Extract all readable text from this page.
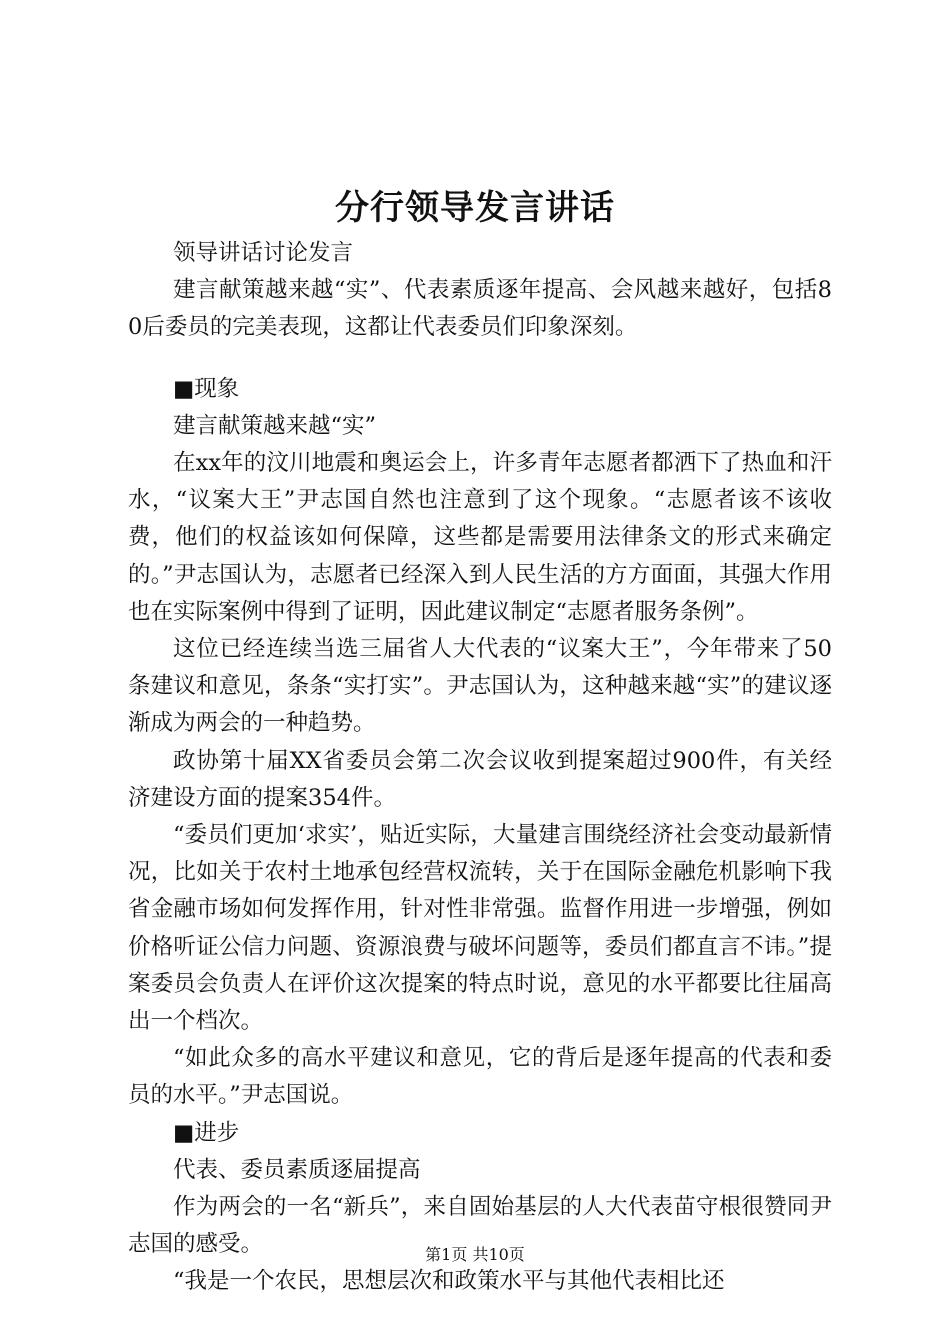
分行领导发言讲话

领导讲话讨论发言

建言献策越来越“实”、代表素质逐年提高、会风越来越好，包括80后委员的完美表现，这都让代表委员们印象深刻。

■现象

建言献策越来越“实”

在xx年的汶川地震和奥运会上，许多青年志愿者都洒下了热血和汗水，“议案大王”尹志国自然也注意到了这个现象。“志愿者该不该收费，他们的权益该如何保障，这些都是需要用法律条文的形式来确定的。”尹志国认为，志愿者已经深入到人民生活的方方面面，其强大作用也在实际案例中得到了证明，因此建议制定“志愿者服务条例”。

这位已经连续当选三届省人大代表的“议案大王”，今年带来了50条建议和意见，条条“实打实”。尹志国认为，这种越来越“实”的建议逐渐成为两会的一种趋势。

政协第十届XX省委员会第二次会议收到提案超过900件，有关经济建设方面的提案354件。

“委员们更加‘求实’，贴近实际，大量建言围绕经济社会变动最新情况，比如关于农村土地承包经营权流转，关于在国际金融危机影响下我省金融市场如何发挥作用，针对性非常强。监督作用进一步增强，例如价格听证公信力问题、资源浪费与破坏问题等，委员们都直言不讳。”提案委员会负责人在评价这次提案的特点时说，意见的水平都要比往届高出一个档次。

“如此众多的高水平建议和意见，它的背后是逐年提高的代表和委员的水平。”尹志国说。

■进步

代表、委员素质逐届提高

作为两会的一名“新兵”，来自固始基层的人大代表苗守根很赞同尹志国的感受。

“我是一个农民，思想层次和政策水平与其他代表相比还

第1页 共10页
